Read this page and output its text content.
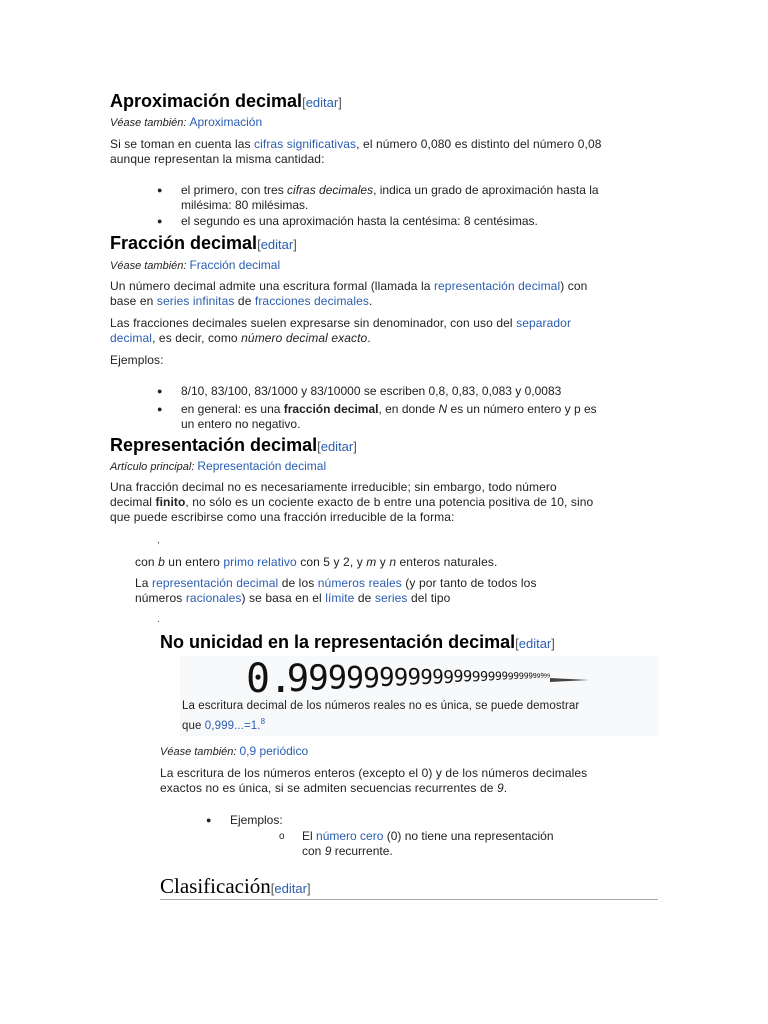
Aproximación decimal[editar]
Véase también: Aproximación
Si se toman en cuenta las cifras significativas, el número 0,080 es distinto del número 0,08
aunque representan la misma cantidad:
● el primero, con tres cifras decimales, indica un grado de aproximación hasta la
milésima: 80 milésimas.
● el segundo es una aproximación hasta la centésima: 8 centésimas.
Fracción decimal[editar]
Véase también: Fracción decimal
Un número decimal admite una escritura formal (llamada la representación decimal) con
base en series infinitas de fracciones decimales.
Las fracciones decimales suelen expresarse sin denominador, con uso del separador
decimal, es decir, como número decimal exacto.
Ejemplos:
● 8/10, 83/100, 83/1000 y 83/10000 se escriben 0,8, 0,83, 0,083 y 0,0083
● en general: es una fracción decimal, en donde N es un número entero y p es
un entero no negativo.
Representación decimal[editar]
Artículo principal: Representación decimal
Una fracción decimal no es necesariamente irreducible; sin embargo, todo número
decimal finito, no sólo es un cociente exacto de b entre una potencia positiva de 10, sino
que puede escribirse como una fracción irreducible de la forma:
,
con b un entero primo relativo con 5 y 2, y m y n enteros naturales.
La representación decimal de los números reales (y por tanto de todos los
números racionales) se basa en el límite de series del tipo
.
No unicidad en la representación decimal[editar]
0
.
9
9
9
9 9 9 9 9 9 9 9 9 9 9 9 9 9 9 9 9 9 9 9 9 9 9 9 9
La escritura decimal de los números reales no es única, se puede demostrar
que 0,999...=1.$^8$
Véase también: 0,9 periódico
La escritura de los números enteros (excepto el 0) y de los números decimales
exactos no es única, si se admiten secuencias recurrentes de 9.
● Ejemplos:
o El número cero (0) no tiene una representación
con 9 recurrente.
Clasificación[editar]
